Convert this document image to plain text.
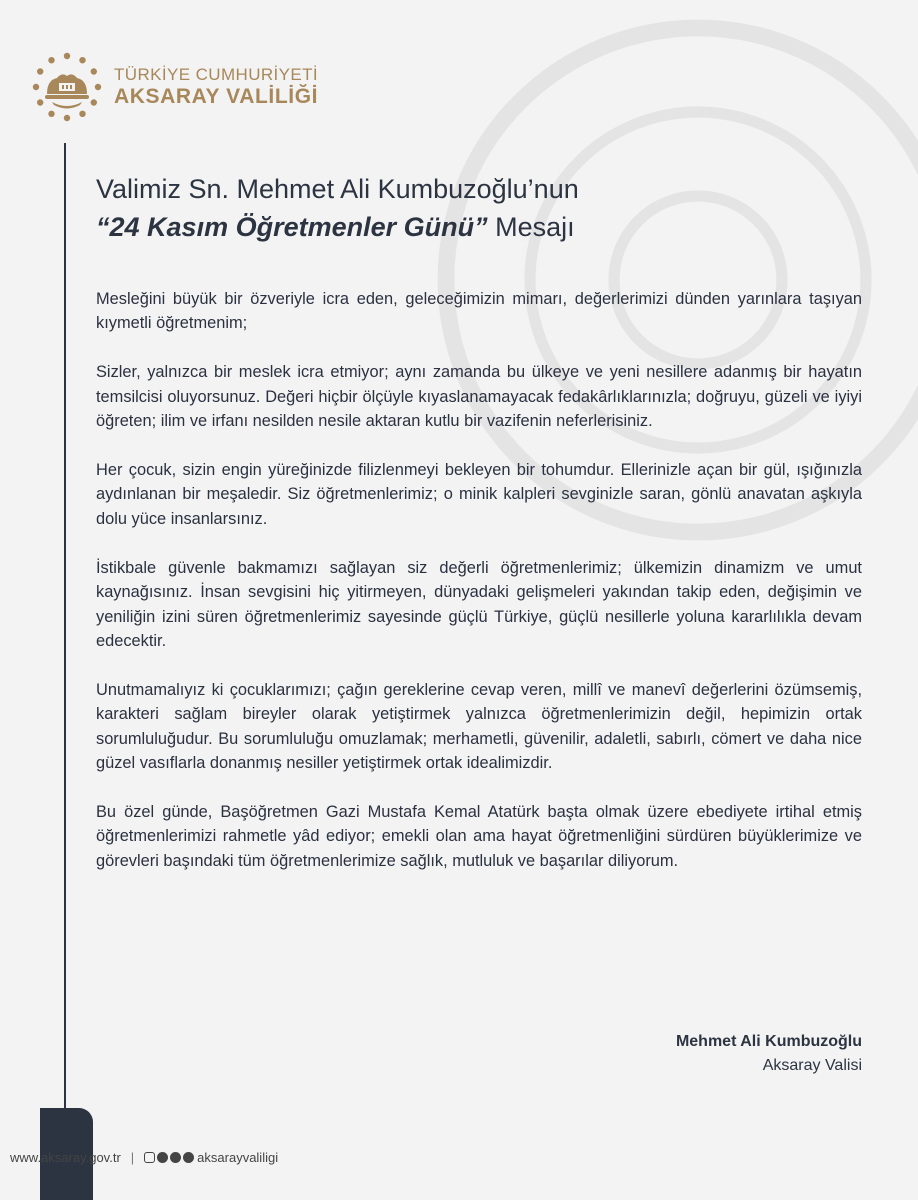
TÜRKİYE CUMHURİYETİ
AKSARAY VALİLİĞİ
Valimiz Sn. Mehmet Ali Kumbuzoğlu’nun
“24 Kasım Öğretmenler Günü” Mesajı

Mesleğini büyük bir özveriyle icra eden, geleceğimizin mimarı, değerlerimizi dünden yarınlara taşıyan kıymetli öğretmenim;

Sizler, yalnızca bir meslek icra etmiyor; aynı zamanda bu ülkeye ve yeni nesillere adanmış bir hayatın temsilcisi oluyorsunuz. Değeri hiçbir ölçüyle kıyaslanamayacak fedakârlıklarınızla; doğruyu, güzeli ve iyiyi öğreten; ilim ve irfanı nesilden nesile aktaran kutlu bir vazifenin neferlerisiniz.

Her çocuk, sizin engin yüreğinizde filizlenmeyi bekleyen bir tohumdur. Ellerinizle açan bir gül, ışığınızla aydınlanan bir meşaledir. Siz öğretmenlerimiz; o minik kalpleri sevginizle saran, gönlü anavatan aşkıyla dolu yüce insanlarsınız.

İstikbale güvenle bakmamızı sağlayan siz değerli öğretmenlerimiz; ülkemizin dinamizm ve umut kaynağısınız. İnsan sevgisini hiç yitirmeyen, dünyadaki gelişmeleri yakından takip eden, değişimin ve yeniliğin izini süren öğretmenlerimiz sayesinde güçlü Türkiye, güçlü nesillerle yoluna kararlılıkla devam edecektir.

Unutmamalıyız ki çocuklarımızı; çağın gereklerine cevap veren, millî ve manevî değerlerini özümsemiş, karakteri sağlam bireyler olarak yetiştirmek yalnızca öğretmenlerimizin değil, hepimizin ortak sorumluluğudur. Bu sorumluluğu omuzlamak; merhametli, güvenilir, adaletli, sabırlı, cömert ve daha nice güzel vasıflarla donanmış nesiller yetiştirmek ortak idealimizdir.

Bu özel günde, Başöğretmen Gazi Mustafa Kemal Atatürk başta olmak üzere ebediyete irtihal etmiş öğretmenlerimizi rahmetle yâd ediyor; emekli olan ama hayat öğretmenliğini sürdüren büyüklerimize ve görevleri başındaki tüm öğretmenlerimize sağlık, mutluluk ve başarılar diliyorum.

Mehmet Ali Kumbuzoğlu
Aksaray Valisi
www.aksaray.gov.tr |	aksarayvaliligi
